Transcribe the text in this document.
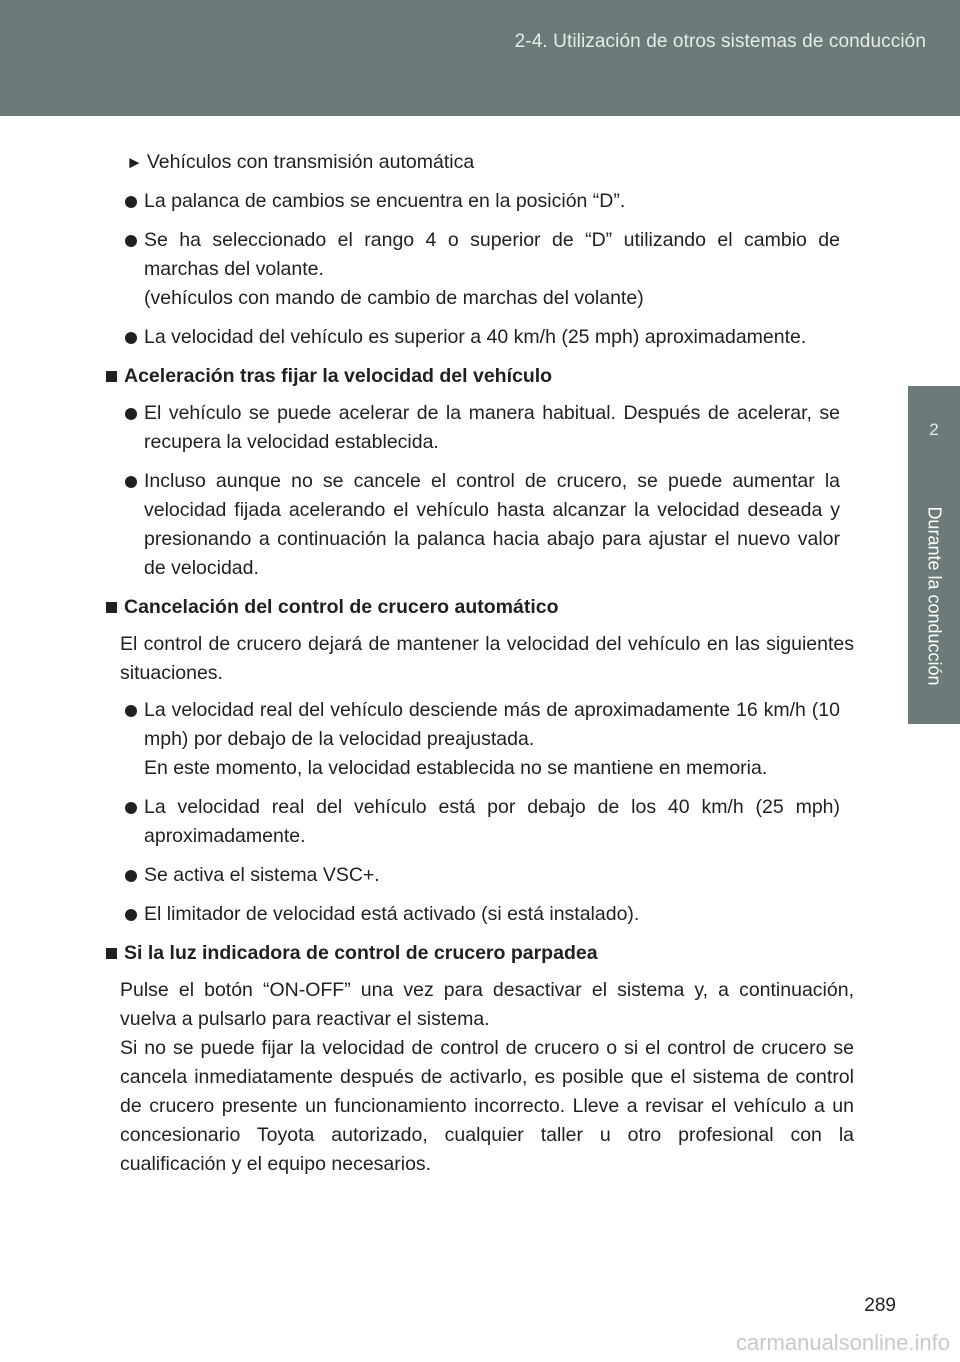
2-4. Utilización de otros sistemas de conducción
2
Durante la conducción
► Vehículos con transmisión automática
La palanca de cambios se encuentra en la posición “D”.
Se ha seleccionado el rango 4 o superior de “D” utilizando el cambio de marchas del volante.
(vehículos con mando de cambio de marchas del volante)
La velocidad del vehículo es superior a 40 km/h (25 mph) aproximadamente.
Aceleración tras fijar la velocidad del vehículo
El vehículo se puede acelerar de la manera habitual. Después de acelerar, se recupera la velocidad establecida.
Incluso aunque no se cancele el control de crucero, se puede aumentar la velocidad fijada acelerando el vehículo hasta alcanzar la velocidad deseada y presionando a continuación la palanca hacia abajo para ajustar el nuevo valor de velocidad.
Cancelación del control de crucero automático
El control de crucero dejará de mantener la velocidad del vehículo en las siguientes situaciones.
La velocidad real del vehículo desciende más de aproximadamente 16 km/h (10 mph) por debajo de la velocidad preajustada.
En este momento, la velocidad establecida no se mantiene en memoria.
La velocidad real del vehículo está por debajo de los 40 km/h (25 mph) aproximadamente.
Se activa el sistema VSC+.
El limitador de velocidad está activado (si está instalado).
Si la luz indicadora de control de crucero parpadea
Pulse el botón “ON-OFF” una vez para desactivar el sistema y, a continuación, vuelva a pulsarlo para reactivar el sistema.
Si no se puede fijar la velocidad de control de crucero o si el control de crucero se cancela inmediatamente después de activarlo, es posible que el sistema de control de crucero presente un funcionamiento incorrecto. Lleve a revisar el vehículo a un concesionario Toyota autorizado, cualquier taller u otro profesional con la cualificación y el equipo necesarios.
289
carmanualsonline.info
